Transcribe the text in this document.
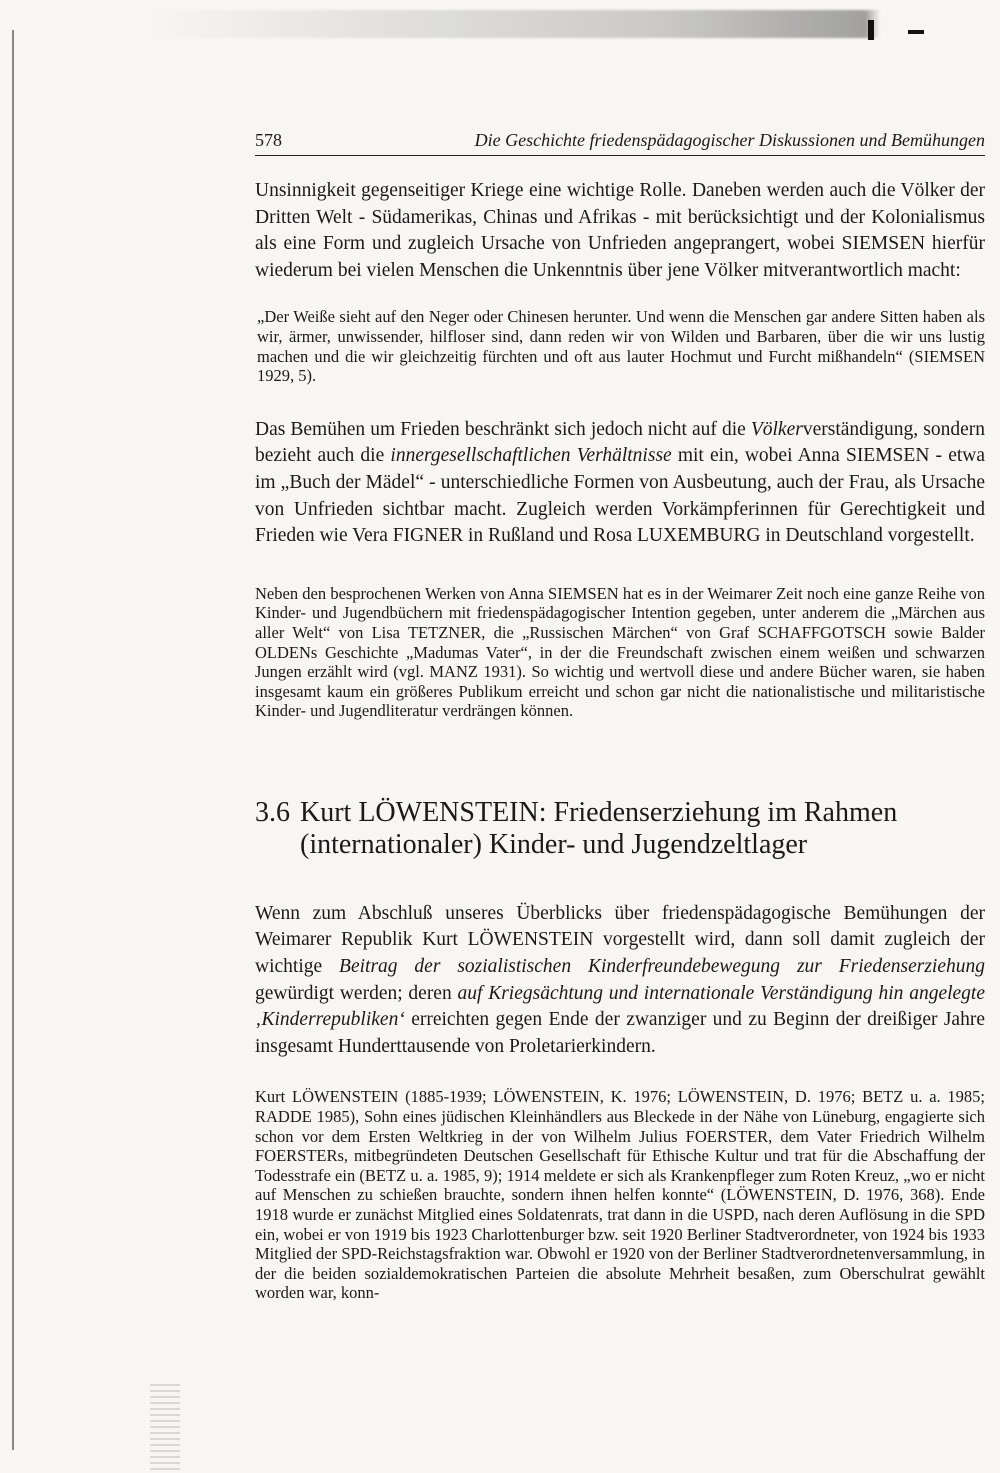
578	Die Geschichte friedenspädagogischer Diskussionen und Bemühungen

Unsinnigkeit gegenseitiger Kriege eine wichtige Rolle. Daneben werden auch die Völker der Dritten Welt - Südamerikas, Chinas und Afrikas - mit berücksichtigt und der Kolonialismus als eine Form und zugleich Ursache von Unfrieden angeprangert, wobei SIEMSEN hierfür wiederum bei vielen Menschen die Unkenntnis über jene Völker mitverantwortlich macht:

„Der Weiße sieht auf den Neger oder Chinesen herunter. Und wenn die Menschen gar andere Sitten haben als wir, ärmer, unwissender, hilfloser sind, dann reden wir von Wilden und Barbaren, über die wir uns lustig machen und die wir gleichzeitig fürchten und oft aus lauter Hochmut und Furcht mißhandeln“ (SIEMSEN 1929, 5).

Das Bemühen um Frieden beschränkt sich jedoch nicht auf die Völkerverständigung, sondern bezieht auch die innergesellschaftlichen Verhältnisse mit ein, wobei Anna SIEMSEN - etwa im „Buch der Mädel“ - unterschiedliche Formen von Ausbeutung, auch der Frau, als Ursache von Unfrieden sichtbar macht. Zugleich werden Vorkämpferinnen für Gerechtigkeit und Frieden wie Vera FIGNER in Rußland und Rosa LUXEMBURG in Deutschland vorgestellt.

Neben den besprochenen Werken von Anna SIEMSEN hat es in der Weimarer Zeit noch eine ganze Reihe von Kinder- und Jugendbüchern mit friedenspädagogischer Intention gegeben, unter anderem die „Märchen aus aller Welt“ von Lisa TETZNER, die „Russischen Märchen“ von Graf SCHAFFGOTSCH sowie Balder OLDENs Geschichte „Madumas Vater“, in der die Freundschaft zwischen einem weißen und schwarzen Jungen erzählt wird (vgl. MANZ 1931). So wichtig und wertvoll diese und andere Bücher waren, sie haben insgesamt kaum ein größeres Publikum erreicht und schon gar nicht die nationalistische und militaristische Kinder- und Jugendliteratur verdrängen können.

3.6 Kurt LÖWENSTEIN: Friedenserziehung im Rahmen (internationaler) Kinder- und Jugendzeltlager

Wenn zum Abschluß unseres Überblicks über friedenspädagogische Bemühungen der Weimarer Republik Kurt LÖWENSTEIN vorgestellt wird, dann soll damit zugleich der wichtige Beitrag der sozialistischen Kinderfreundebewegung zur Friedenserziehung gewürdigt werden; deren auf Kriegsächtung und internationale Verständigung hin angelegte ‚Kinderrepubliken‘ erreichten gegen Ende der zwanziger und zu Beginn der dreißiger Jahre insgesamt Hunderttausende von Proletarierkindern.

Kurt LÖWENSTEIN (1885-1939; LÖWENSTEIN, K. 1976; LÖWENSTEIN, D. 1976; BETZ u. a. 1985; RADDE 1985), Sohn eines jüdischen Kleinhändlers aus Bleckede in der Nähe von Lüneburg, engagierte sich schon vor dem Ersten Weltkrieg in der von Wilhelm Julius FOERSTER, dem Vater Friedrich Wilhelm FOERSTERs, mitbegründeten Deutschen Gesellschaft für Ethische Kultur und trat für die Abschaffung der Todesstrafe ein (BETZ u. a. 1985, 9); 1914 meldete er sich als Krankenpfleger zum Roten Kreuz, „wo er nicht auf Menschen zu schießen brauchte, sondern ihnen helfen konnte“ (LÖWENSTEIN, D. 1976, 368). Ende 1918 wurde er zunächst Mitglied eines Soldatenrats, trat dann in die USPD, nach deren Auflösung in die SPD ein, wobei er von 1919 bis 1923 Charlottenburger bzw. seit 1920 Berliner Stadtverordneter, von 1924 bis 1933 Mitglied der SPD-Reichstagsfraktion war. Obwohl er 1920 von der Berliner Stadtverordnetenversammlung, in der die beiden sozialdemokratischen Parteien die absolute Mehrheit besaßen, zum Oberschulrat gewählt worden war, konn-
